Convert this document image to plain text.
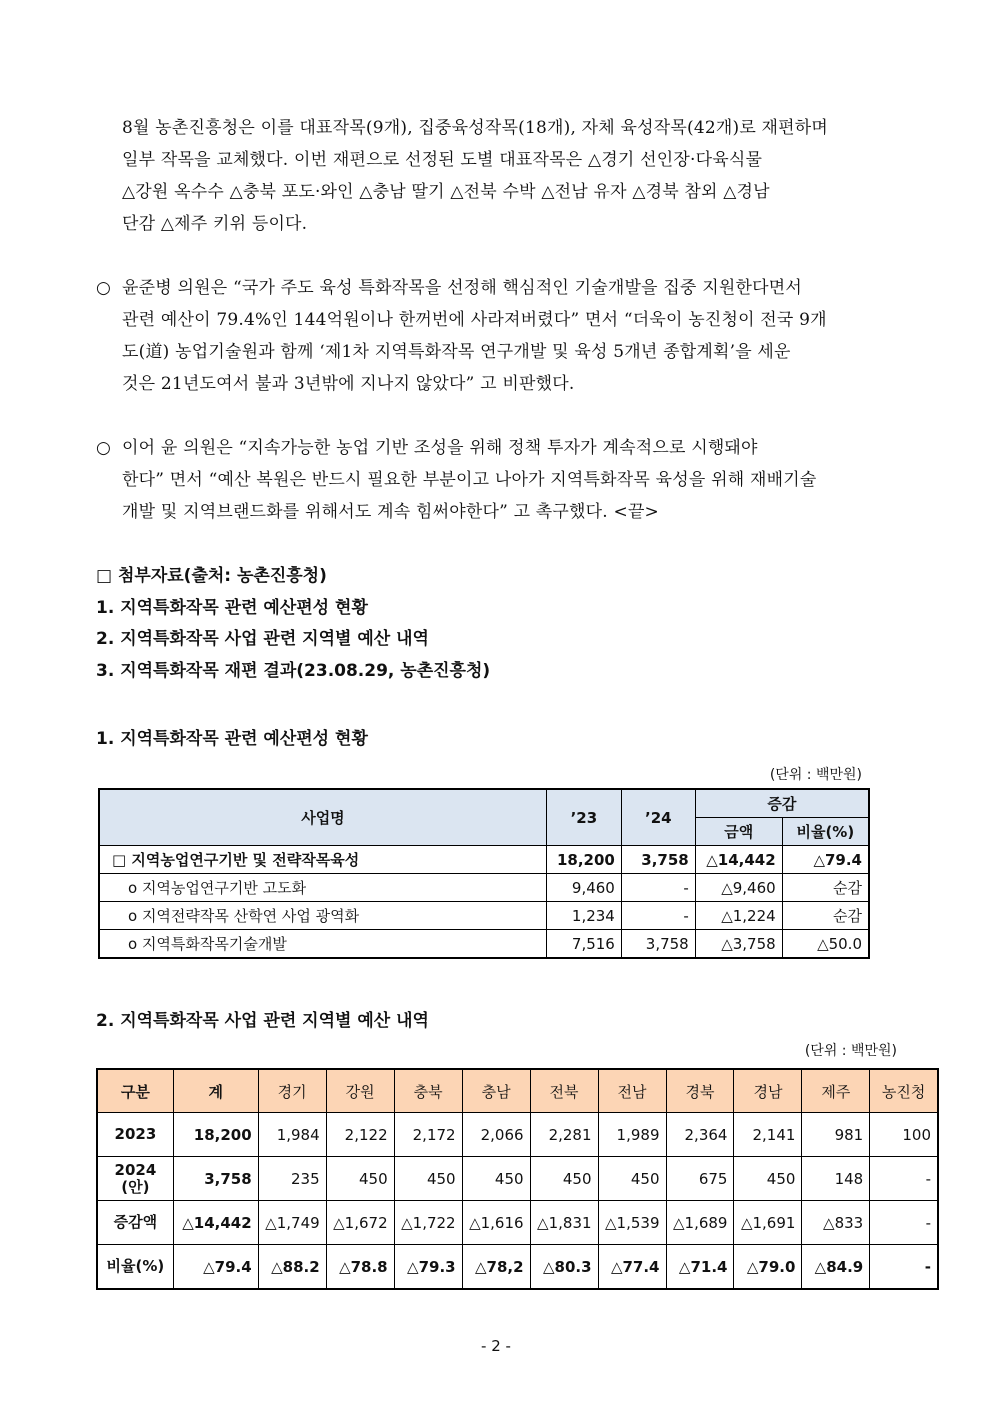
8월 농촌진흥청은 이를 대표작목(9개), 집중육성작목(18개), 자체 육성작목(42개)로 재편하며
일부 작목을 교체했다. 이번 재편으로 선정된 도별 대표작목은 △경기 선인장·다육식물
△강원 옥수수 △충북 포도·와인 △충남 딸기 △전북 수박 △전남 유자 △경북 참외 △경남
단감 △제주 키위 등이다.
○ 윤준병 의원은 “국가 주도 육성 특화작목을 선정해 핵심적인 기술개발을 집중 지원한다면서
관련 예산이 79.4%인 144억원이나 한꺼번에 사라져버렸다” 면서 “더욱이 농진청이 전국 9개
도(道) 농업기술원과 함께 ‘제1차 지역특화작목 연구개발 및 육성 5개년 종합계획’을 세운
것은 21년도여서 불과 3년밖에 지나지 않았다” 고 비판했다.
○ 이어 윤 의원은 “지속가능한 농업 기반 조성을 위해 정책 투자가 계속적으로 시행돼야
한다” 면서 “예산 복원은 반드시 필요한 부분이고 나아가 지역특화작목 육성을 위해 재배기술
개발 및 지역브랜드화를 위해서도 계속 힘써야한다” 고 촉구했다. <끝>
□ 첨부자료(출처: 농촌진흥청)
1. 지역특화작목 관련 예산편성 현황
2. 지역특화작목 사업 관련 지역별 예산 내역
3. 지역특화작목 재편 결과(23.08.29, 농촌진흥청)
1. 지역특화작목 관련 예산편성 현황
(단위 : 백만원)
사업명	’23	’24	증감	
			금액	비율(%)
□ 지역농업연구기반 및 전략작목육성	18,200	3,758	△14,442	△79.4
o 지역농업연구기반 고도화	9,460	-	△9,460	순감
o 지역전략작목 산학연 사업 광역화	1,234	-	△1,224	순감
o 지역특화작목기술개발	7,516	3,758	△3,758	△50.0
2. 지역특화작목 사업 관련 지역별 예산 내역
(단위 : 백만원)
구분	계	경기	강원	충북	충남	전북	전남	경북	경남	제주	농진청
2023	18,200	1,984	2,122	2,172	2,066	2,281	1,989	2,364	2,141	981	100
2024
(안)	3,758	235	450	450	450	450	450	675	450	148	-
증감액	△14,442	△1,749	△1,672	△1,722	△1,616	△1,831	△1,539	△1,689	△1,691	△833	-
비율(%)	△79.4	△88.2	△78.8	△79.3	△78,2	△80.3	△77.4	△71.4	△79.0	△84.9	-
- 2 -
